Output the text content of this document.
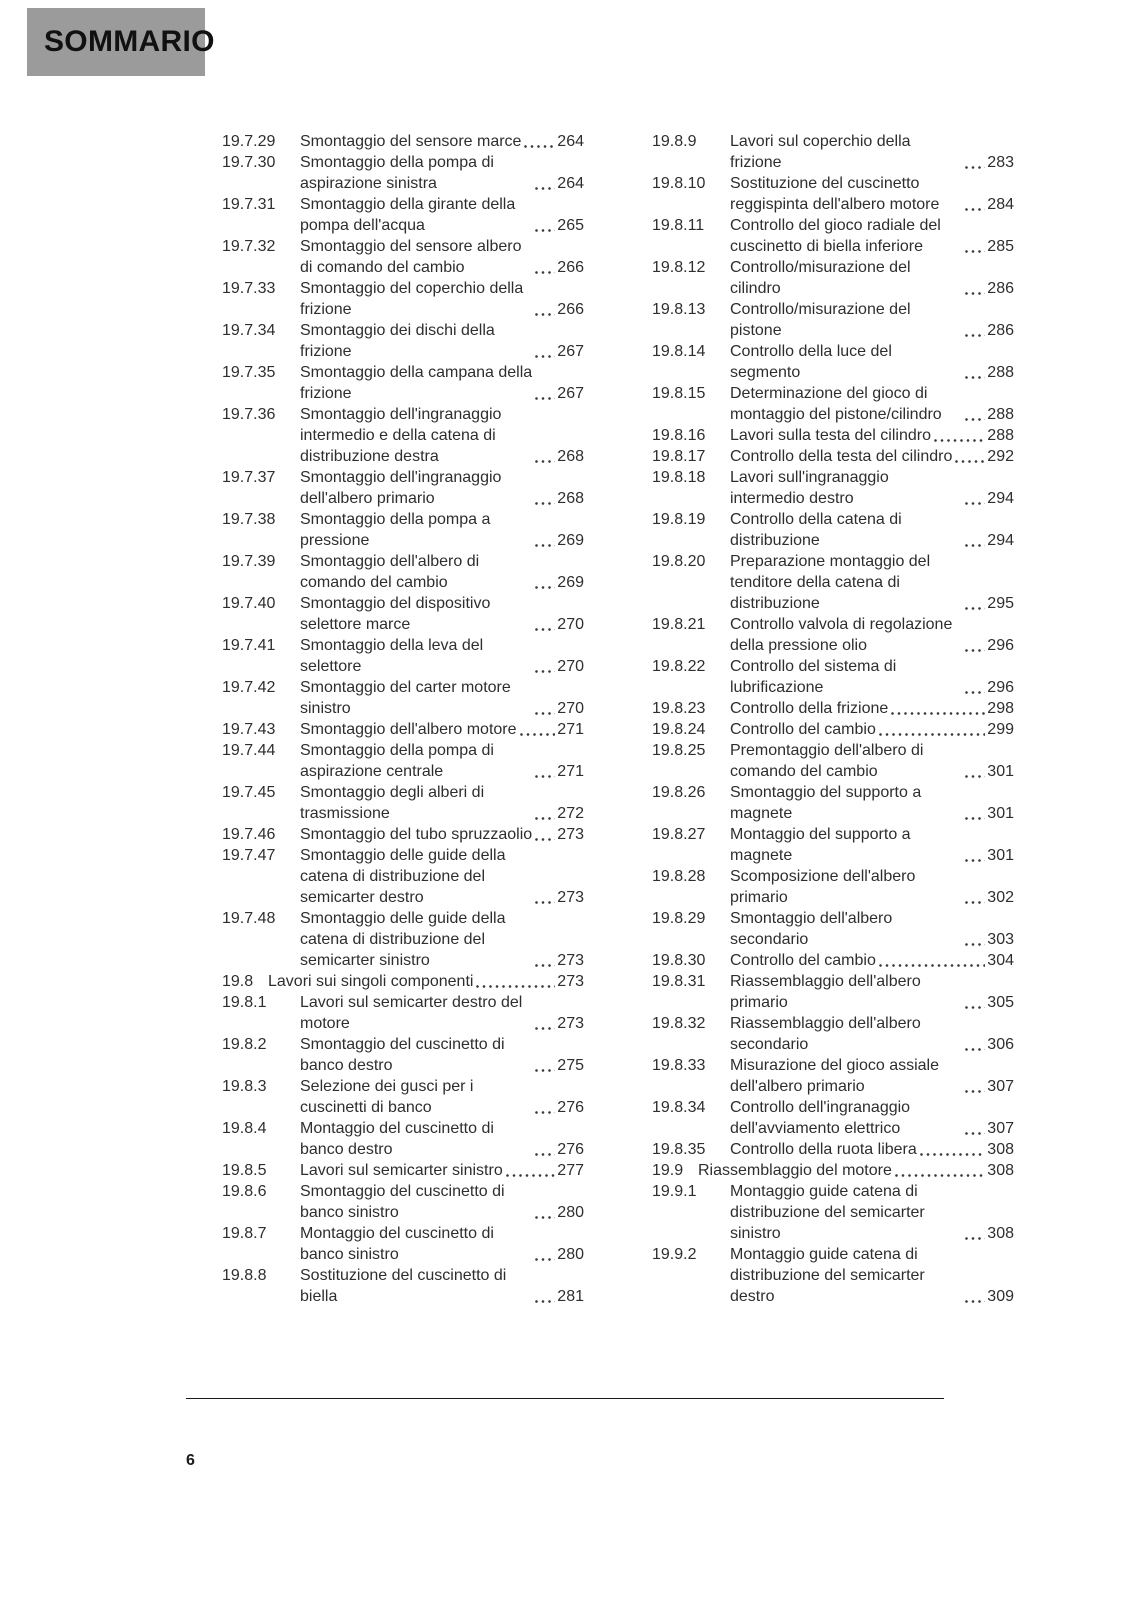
SOMMARIO
19.7.29	Smontaggio del sensore marce 264
19.7.30	Smontaggio della pompa di aspirazione sinistra	264
19.7.31	Smontaggio della girante della pompa dell'acqua	265
19.7.32	Smontaggio del sensore albero di comando del cambio	266
19.7.33	Smontaggio del coperchio della frizione	266
19.7.34	Smontaggio dei dischi della frizione	267
19.7.35	Smontaggio della campana della frizione	267
19.7.36	Smontaggio dell'ingranaggio intermedio e della catena di distribuzione destra	268
19.7.37	Smontaggio dell'ingranaggio dell'albero primario	268
19.7.38	Smontaggio della pompa a pressione	269
19.7.39	Smontaggio dell'albero di comando del cambio	269
19.7.40	Smontaggio del dispositivo selettore marce	270
19.7.41	Smontaggio della leva del selettore	270
19.7.42	Smontaggio del carter motore sinistro	270
19.7.43	Smontaggio dell'albero motore	271
19.7.44	Smontaggio della pompa di aspirazione centrale	271
19.7.45	Smontaggio degli alberi di trasmissione	272
19.7.46	Smontaggio del tubo spruzzaolio 273
19.7.47	Smontaggio delle guide della catena di distribuzione del semicarter destro	273
19.7.48	Smontaggio delle guide della catena di distribuzione del semicarter sinistro	273
19.8 Lavori sui singoli componenti	273
19.8.1	Lavori sul semicarter destro del motore	273
19.8.2	Smontaggio del cuscinetto di banco destro	275
19.8.3	Selezione dei gusci per i cuscinetti di banco	276
19.8.4	Montaggio del cuscinetto di banco destro	276
19.8.5	Lavori sul semicarter sinistro	277
19.8.6	Smontaggio del cuscinetto di banco sinistro	280
19.8.7	Montaggio del cuscinetto di banco sinistro	280
19.8.8	Sostituzione del cuscinetto di biella	281
19.8.9	Lavori sul coperchio della frizione	283
19.8.10	Sostituzione del cuscinetto reggispinta dell'albero motore	284
19.8.11	Controllo del gioco radiale del cuscinetto di biella inferiore	285
19.8.12	Controllo/misurazione del cilindro	286
19.8.13	Controllo/misurazione del pistone	286
19.8.14	Controllo della luce del segmento	288
19.8.15	Determinazione del gioco di montaggio del pistone/cilindro	288
19.8.16	Lavori sulla testa del cilindro	288
19.8.17	Controllo della testa del cilindro 292
19.8.18	Lavori sull'ingranaggio intermedio destro	294
19.8.19	Controllo della catena di distribuzione	294
19.8.20	Preparazione montaggio del tenditore della catena di distribuzione	295
19.8.21	Controllo valvola di regolazione della pressione olio	296
19.8.22	Controllo del sistema di lubrificazione	296
19.8.23	Controllo della frizione	298
19.8.24	Controllo del cambio	299
19.8.25	Premontaggio dell'albero di comando del cambio	301
19.8.26	Smontaggio del supporto a magnete	301
19.8.27	Montaggio del supporto a magnete	301
19.8.28	Scomposizione dell'albero primario	302
19.8.29	Smontaggio dell'albero secondario	303
19.8.30	Controllo del cambio	304
19.8.31	Riassemblaggio dell'albero primario	305
19.8.32	Riassemblaggio dell'albero secondario	306
19.8.33	Misurazione del gioco assiale dell'albero primario	307
19.8.34	Controllo dell'ingranaggio dell'avviamento elettrico	307
19.8.35	Controllo della ruota libera	308
19.9 Riassemblaggio del motore	308
19.9.1	Montaggio guide catena di distribuzione del semicarter sinistro	308
19.9.2	Montaggio guide catena di distribuzione del semicarter destro	309
6
